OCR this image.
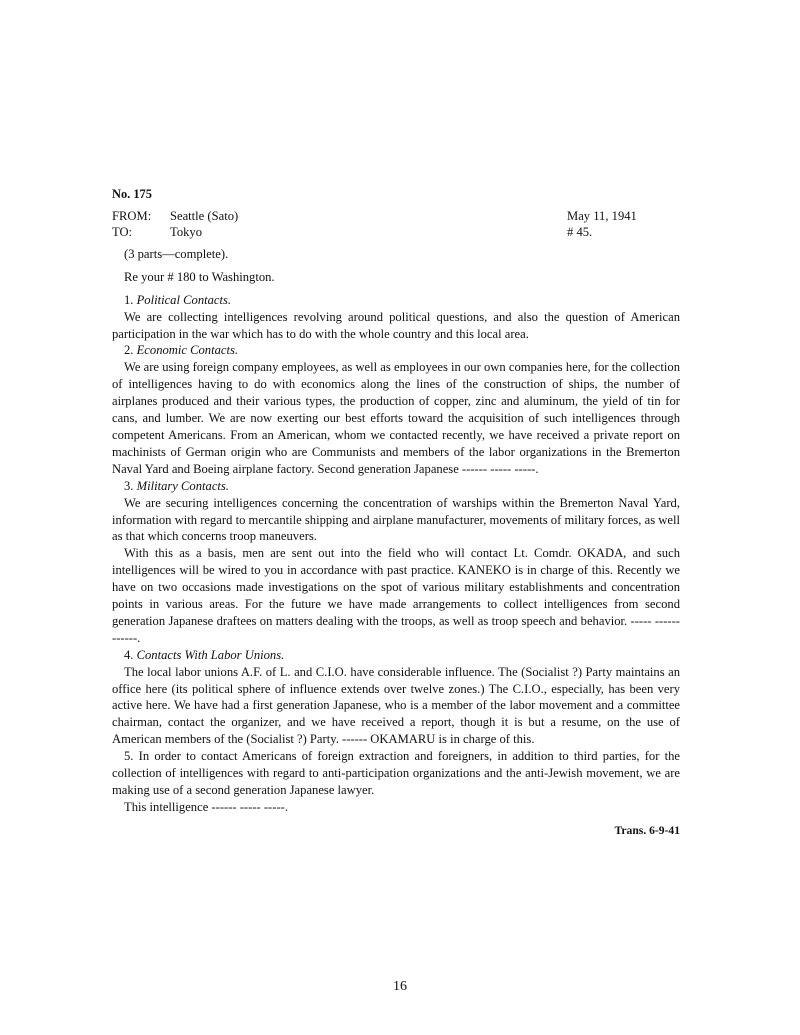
No. 175
FROM: Seattle (Sato)	May 11, 1941
TO:	Tokyo	# 45.

(3 parts—complete).

Re your # 180 to Washington.

1. Political Contacts.

We are collecting intelligences revolving around political questions, and also the question of American participation in the war which has to do with the whole country and this local area.

2. Economic Contacts.

We are using foreign company employees, as well as employees in our own companies here, for the collection of intelligences having to do with economics along the lines of the construction of ships, the number of airplanes produced and their various types, the production of copper, zinc and aluminum, the yield of tin for cans, and lumber. We are now exerting our best efforts toward the acquisition of such intelligences through competent Americans. From an American, whom we contacted recently, we have received a private report on machinists of German origin who are Communists and members of the labor organizations in the Bremerton Naval Yard and Boeing airplane factory. Second generation Japanese ------ ----- -----.

3. Military Contacts.

We are securing intelligences concerning the concentration of warships within the Bremerton Naval Yard, information with regard to mercantile shipping and airplane manufacturer, movements of military forces, as well as that which concerns troop maneuvers.

With this as a basis, men are sent out into the field who will contact Lt. Comdr. OKADA, and such intelligences will be wired to you in accordance with past practice. KANEKO is in charge of this. Recently we have on two occasions made investigations on the spot of various military establishments and concentration points in various areas. For the future we have made arrangements to collect intelligences from second generation Japanese draftees on matters dealing with the troops, as well as troop speech and behavior. ----- ------ ------.

4. Contacts With Labor Unions.

The local labor unions A.F. of L. and C.I.O. have considerable influence. The (Socialist ?) Party maintains an office here (its political sphere of influence extends over twelve zones.) The C.I.O., especially, has been very active here. We have had a first generation Japanese, who is a member of the labor movement and a committee chairman, contact the organizer, and we have received a report, though it is but a resume, on the use of American members of the (Socialist ?) Party. ------ OKAMARU is in charge of this.

5. In order to contact Americans of foreign extraction and foreigners, in addition to third parties, for the collection of intelligences with regard to anti-participation organizations and the anti-Jewish movement, we are making use of a second generation Japanese lawyer.

This intelligence ------ ----- -----.

Trans. 6-9-41
16
